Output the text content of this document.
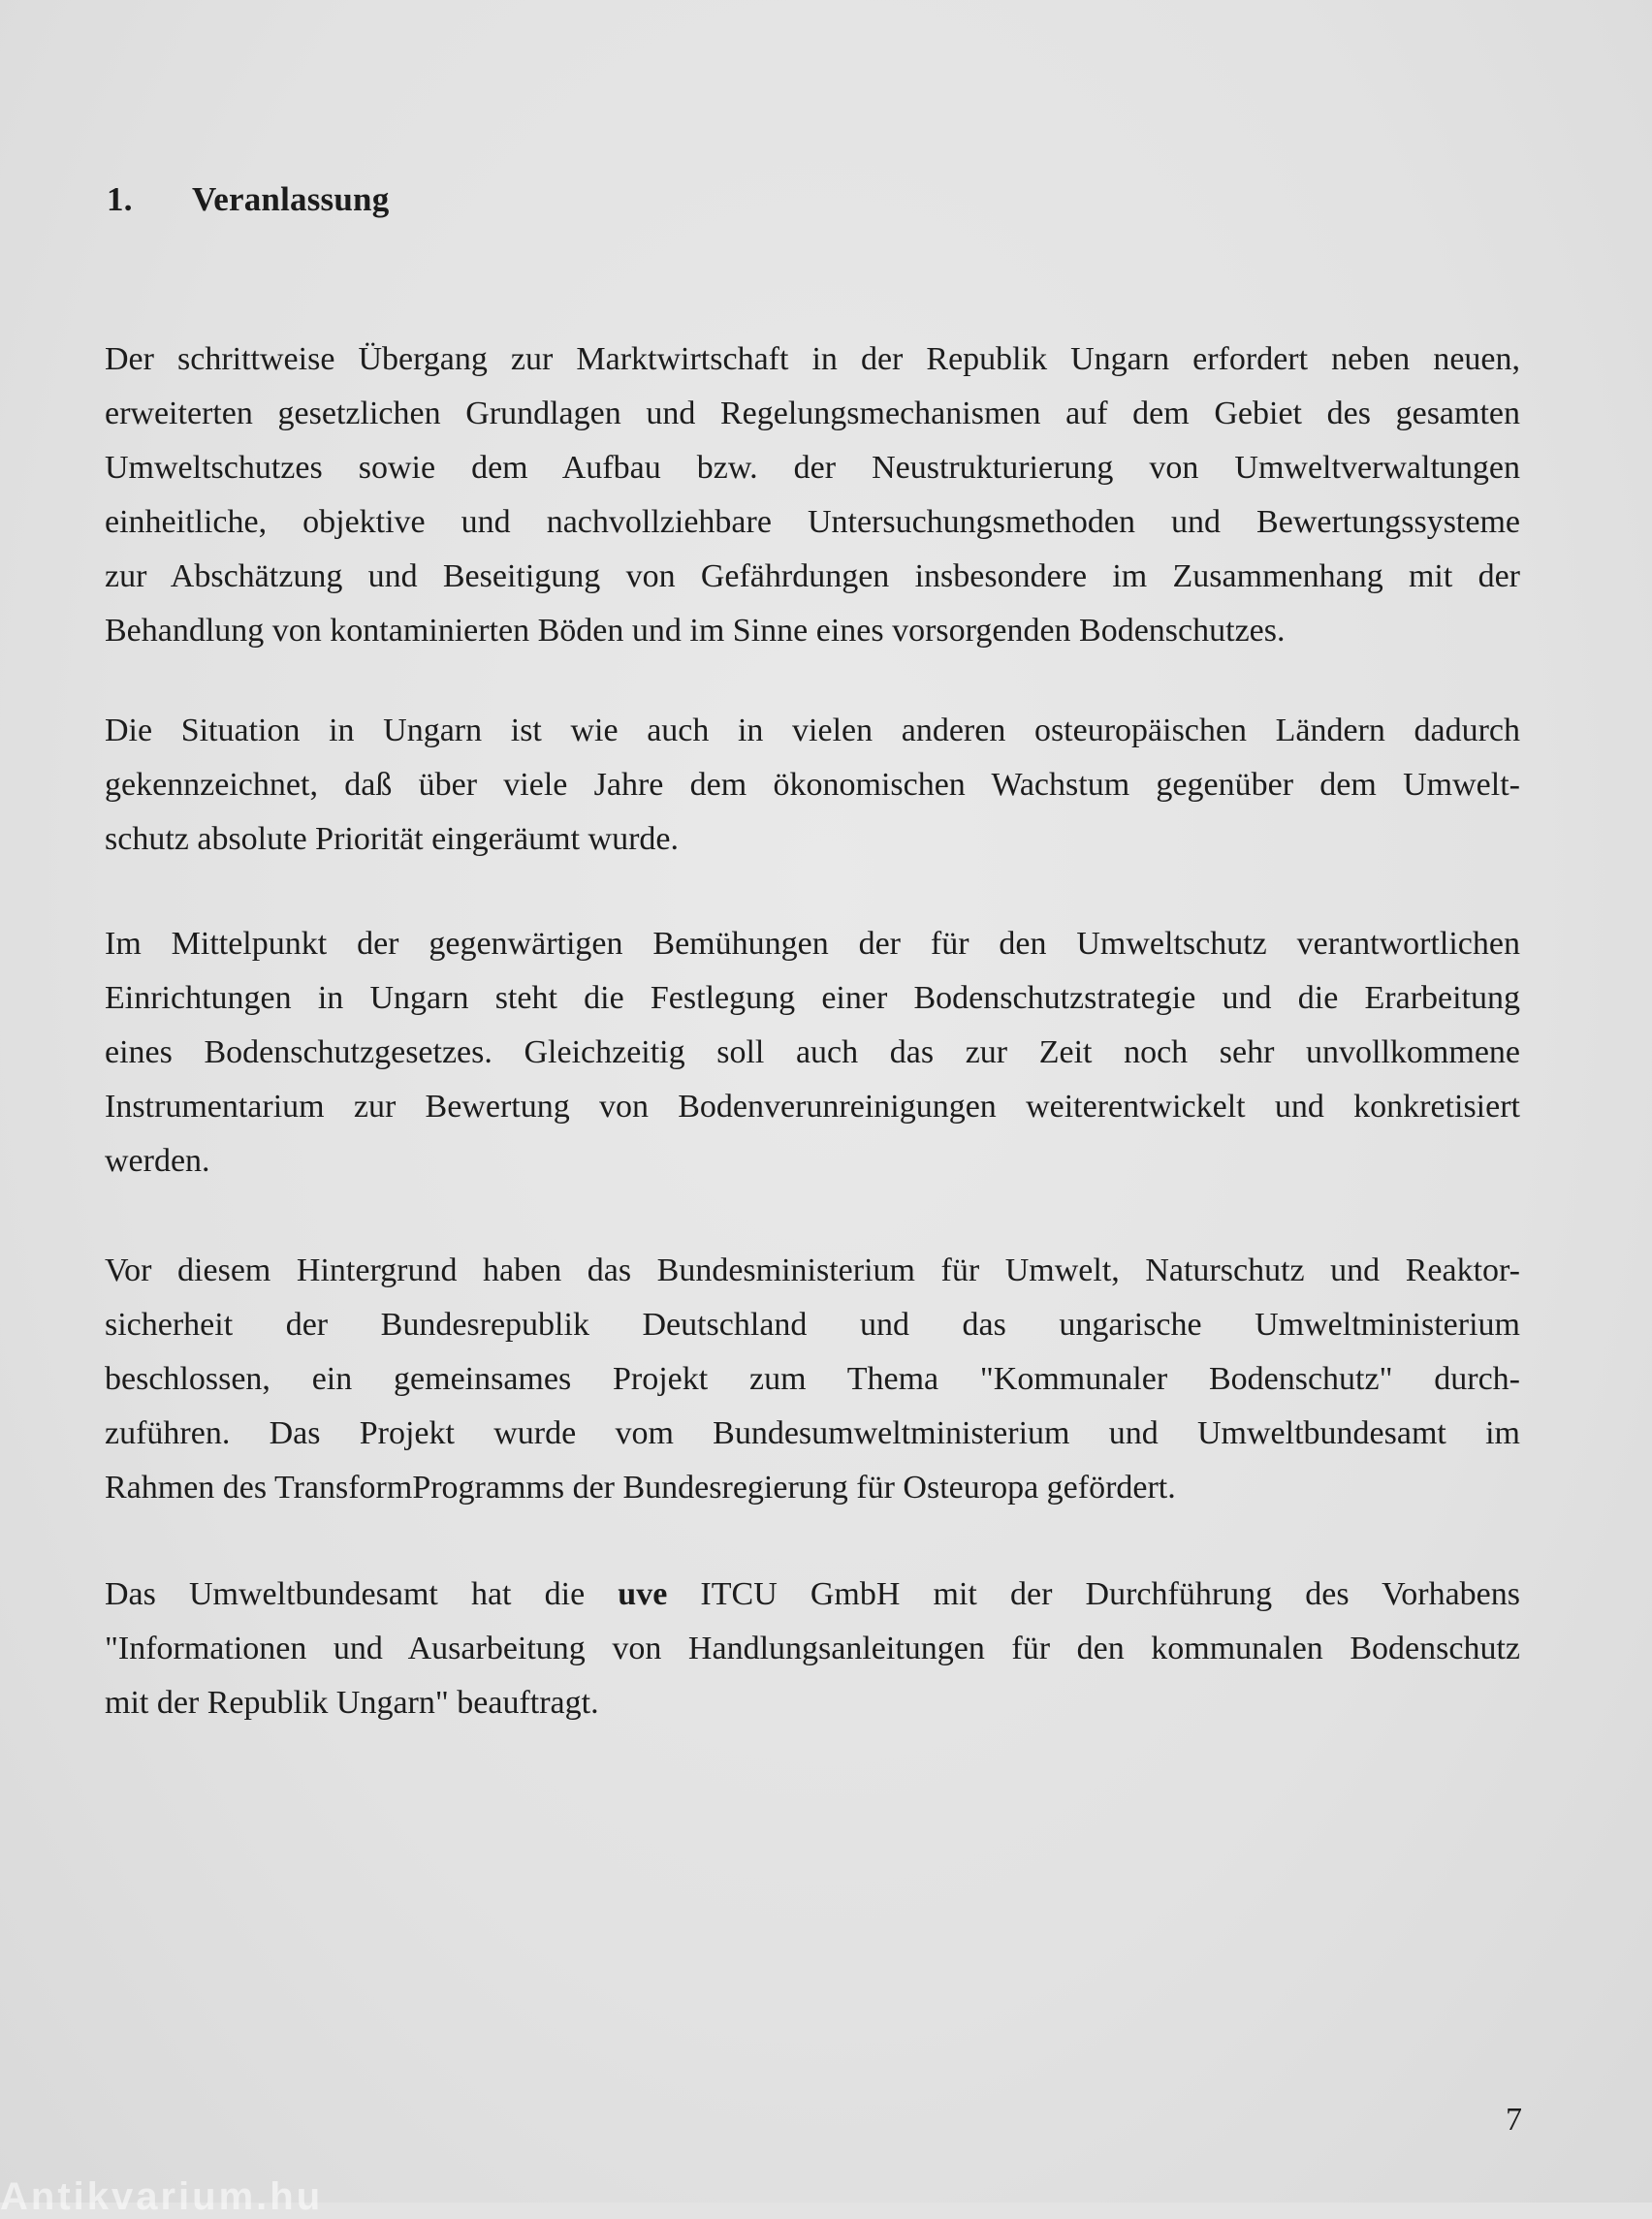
1. Veranlassung

Der schrittweise Übergang zur Marktwirtschaft in der Republik Ungarn erfordert neben neuen,
erweiterten gesetzlichen Grundlagen und Regelungsmechanismen auf dem Gebiet des gesamten
Umweltschutzes sowie dem Aufbau bzw. der Neustrukturierung von Umweltverwaltungen
einheitliche, objektive und nachvollziehbare Untersuchungsmethoden und Bewertungssysteme
zur Abschätzung und Beseitigung von Gefährdungen insbesondere im Zusammenhang mit der
Behandlung von kontaminierten Böden und im Sinne eines vorsorgenden Bodenschutzes.

Die Situation in Ungarn ist wie auch in vielen anderen osteuropäischen Ländern dadurch
gekennzeichnet, daß über viele Jahre dem ökonomischen Wachstum gegenüber dem Umwelt-
schutz absolute Priorität eingeräumt wurde.

Im Mittelpunkt der gegenwärtigen Bemühungen der für den Umweltschutz verantwortlichen
Einrichtungen in Ungarn steht die Festlegung einer Bodenschutzstrategie und die Erarbeitung
eines Bodenschutzgesetzes. Gleichzeitig soll auch das zur Zeit noch sehr unvollkommene
Instrumentarium zur Bewertung von Bodenverunreinigungen weiterentwickelt und konkretisiert
werden.

Vor diesem Hintergrund haben das Bundesministerium für Umwelt, Naturschutz und Reaktor-
sicherheit der Bundesrepublik Deutschland und das ungarische Umweltministerium
beschlossen, ein gemeinsames Projekt zum Thema "Kommunaler Bodenschutz" durch-
zuführen. Das Projekt wurde vom Bundesumweltministerium und Umweltbundesamt im
Rahmen des TransformProgramms der Bundesregierung für Osteuropa gefördert.

Das Umweltbundesamt hat die uve ITCU GmbH mit der Durchführung des Vorhabens
"Informationen und Ausarbeitung von Handlungsanleitungen für den kommunalen Bodenschutz
mit der Republik Ungarn" beauftragt.

7
Antikvarium.hu
